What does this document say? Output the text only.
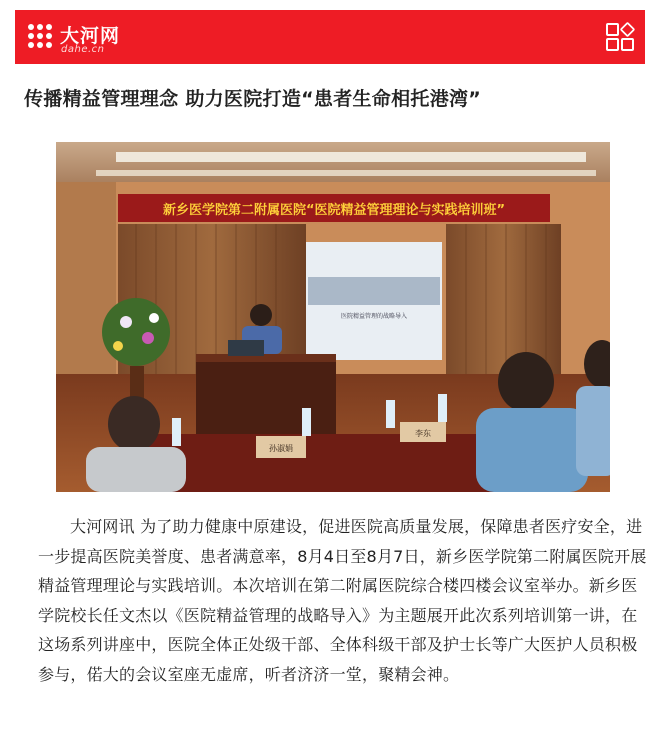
大河网
dahe.cn
传播精益管理理念 助力医院打造“患者生命相托港湾”
新乡医学院第二附属医院“医院精益管理理论与实践培训班”
医院精益管理的战略导入
孙淑娟
李东

大河网讯 为了助力健康中原建设，促进医院高质量发展，保障患者医疗安全，进一步提高医院美誉度、患者满意率，8月4日至8月7日，新乡医学院第二附属医院开展精益管理理论与实践培训。本次培训在第二附属医院综合楼四楼会议室举办。新乡医学院校长任文杰以《医院精益管理的战略导入》为主题展开此次系列培训第一讲，在这场系列讲座中，医院全体正处级干部、全体科级干部及护士长等广大医护人员积极参与，偌大的会议室座无虚席，听者济济一堂，聚精会神。
